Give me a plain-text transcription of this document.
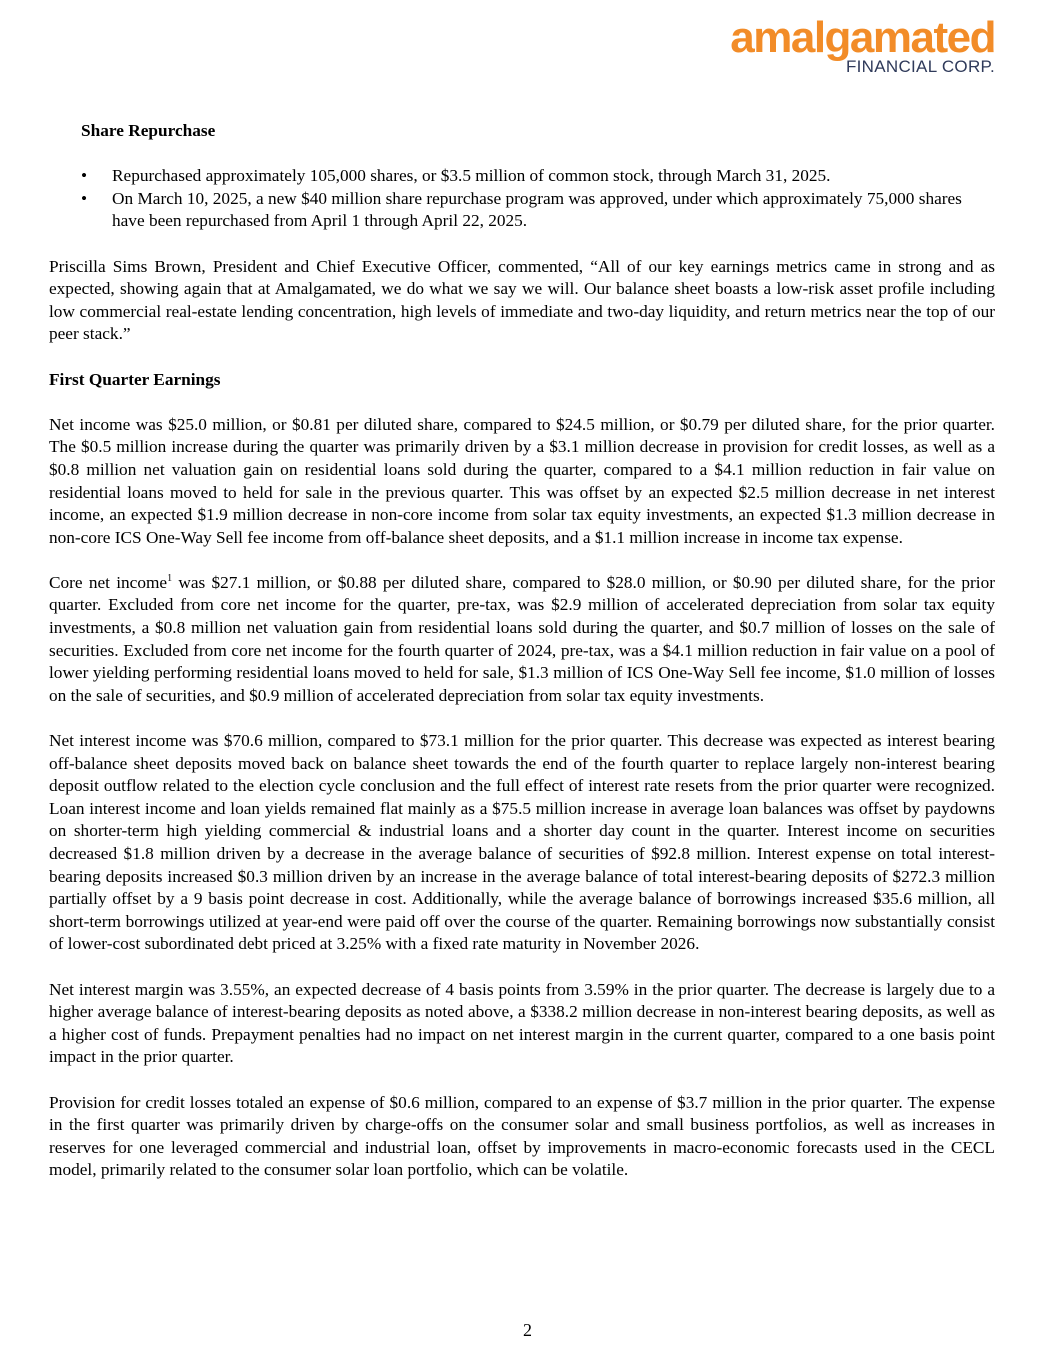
amalgamated
FINANCIAL CORP.

Share Repurchase

• Repurchased approximately 105,000 shares, or $3.5 million of common stock, through March 31, 2025.
• On March 10, 2025, a new $40 million share repurchase program was approved, under which approximately 75,000 shares have been repurchased from April 1 through April 22, 2025.

Priscilla Sims Brown, President and Chief Executive Officer, commented, “All of our key earnings metrics came in strong and as expected, showing again that at Amalgamated, we do what we say we will. Our balance sheet boasts a low-risk asset profile including low commercial real-estate lending concentration, high levels of immediate and two-day liquidity, and return metrics near the top of our peer stack.”

First Quarter Earnings

Net income was $25.0 million, or $0.81 per diluted share, compared to $24.5 million, or $0.79 per diluted share, for the prior quarter. The $0.5 million increase during the quarter was primarily driven by a $3.1 million decrease in provision for credit losses, as well as a $0.8 million net valuation gain on residential loans sold during the quarter, compared to a $4.1 million reduction in fair value on residential loans moved to held for sale in the previous quarter. This was offset by an expected $2.5 million decrease in net interest income, an expected $1.9 million decrease in non-core income from solar tax equity investments, an expected $1.3 million decrease in non-core ICS One-Way Sell fee income from off-balance sheet deposits, and a $1.1 million increase in income tax expense.

Core net income$^1$ was $27.1 million, or $0.88 per diluted share, compared to $28.0 million, or $0.90 per diluted share, for the prior quarter. Excluded from core net income for the quarter, pre-tax, was $2.9 million of accelerated depreciation from solar tax equity investments, a $0.8 million net valuation gain from residential loans sold during the quarter, and $0.7 million of losses on the sale of securities. Excluded from core net income for the fourth quarter of 2024, pre-tax, was a $4.1 million reduction in fair value on a pool of lower yielding performing residential loans moved to held for sale, $1.3 million of ICS One-Way Sell fee income, $1.0 million of losses on the sale of securities, and $0.9 million of accelerated depreciation from solar tax equity investments.

Net interest income was $70.6 million, compared to $73.1 million for the prior quarter. This decrease was expected as interest bearing off-balance sheet deposits moved back on balance sheet towards the end of the fourth quarter to replace largely non-interest bearing deposit outflow related to the election cycle conclusion and the full effect of interest rate resets from the prior quarter were recognized. Loan interest income and loan yields remained flat mainly as a $75.5 million increase in average loan balances was offset by paydowns on shorter-term high yielding commercial & industrial loans and a shorter day count in the quarter. Interest income on securities decreased $1.8 million driven by a decrease in the average balance of securities of $92.8 million. Interest expense on total interest-bearing deposits increased $0.3 million driven by an increase in the average balance of total interest-bearing deposits of $272.3 million partially offset by a 9 basis point decrease in cost. Additionally, while the average balance of borrowings increased $35.6 million, all short-term borrowings utilized at year-end were paid off over the course of the quarter. Remaining borrowings now substantially consist of lower-cost subordinated debt priced at 3.25% with a fixed rate maturity in November 2026.

Net interest margin was 3.55%, an expected decrease of 4 basis points from 3.59% in the prior quarter. The decrease is largely due to a higher average balance of interest-bearing deposits as noted above, a $338.2 million decrease in non-interest bearing deposits, as well as a higher cost of funds. Prepayment penalties had no impact on net interest margin in the current quarter, compared to a one basis point impact in the prior quarter.

Provision for credit losses totaled an expense of $0.6 million, compared to an expense of $3.7 million in the prior quarter. The expense in the first quarter was primarily driven by charge-offs on the consumer solar and small business portfolios, as well as increases in reserves for one leveraged commercial and industrial loan, offset by improvements in macro-economic forecasts used in the CECL model, primarily related to the consumer solar loan portfolio, which can be volatile.

2
